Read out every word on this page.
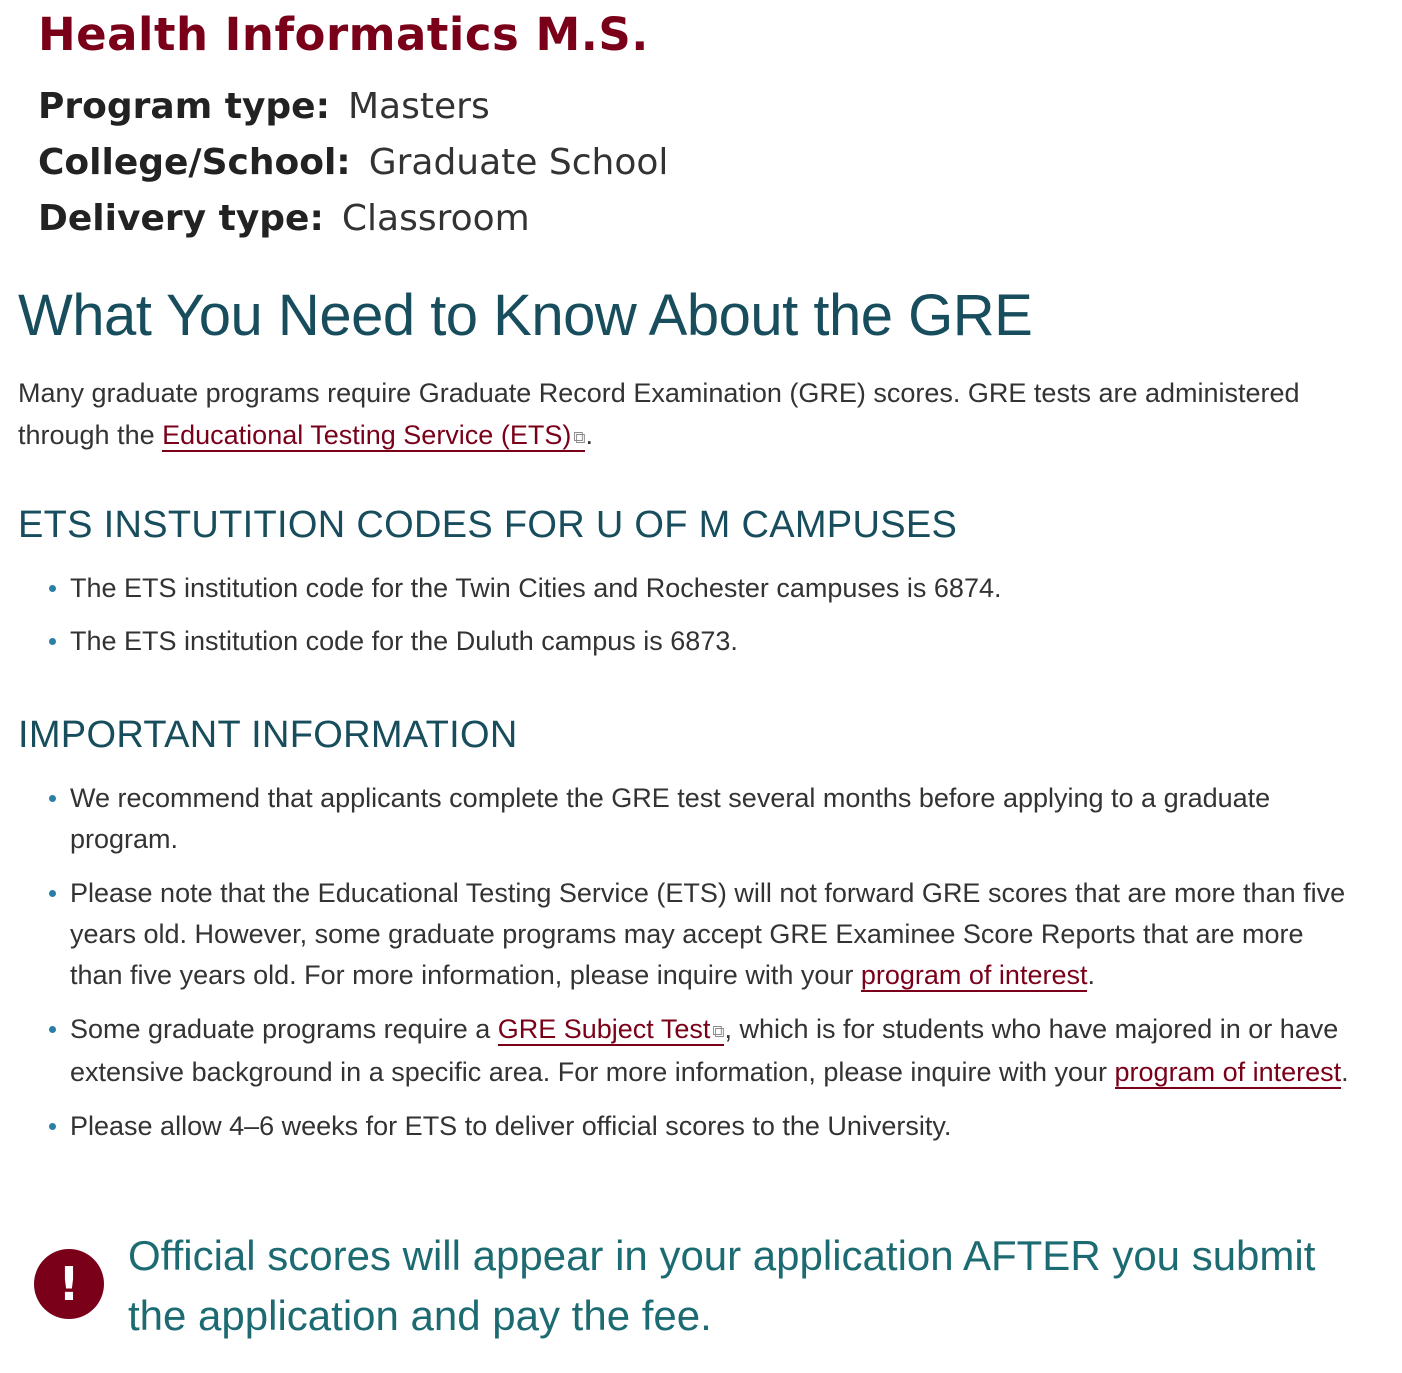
Health Informatics M.S.
Program type: Masters
College/School: Graduate School
Delivery type: Classroom
What You Need to Know About the GRE

Many graduate programs require Graduate Record Examination (GRE) scores. GRE tests are administered through the Educational Testing Service (ETS) ⧉.

ETS INSTUTITION CODES FOR U OF M CAMPUSES
The ETS institution code for the Twin Cities and Rochester campuses is 6874.
The ETS institution code for the Duluth campus is 6873.
IMPORTANT INFORMATION
We recommend that applicants complete the GRE test several months before applying to a graduate program.
Please note that the Educational Testing Service (ETS) will not forward GRE scores that are more than five years old. However, some graduate programs may accept GRE Examinee Score Reports that are more than five years old. For more information, please inquire with your program of interest.
Some graduate programs require a GRE Subject Test ⧉, which is for students who have majored in or have extensive background in a specific area. For more information, please inquire with your program of interest.
Please allow 4–6 weeks for ETS to deliver official scores to the University.
!

Official scores will appear in your application AFTER you submit the application and pay the fee.
